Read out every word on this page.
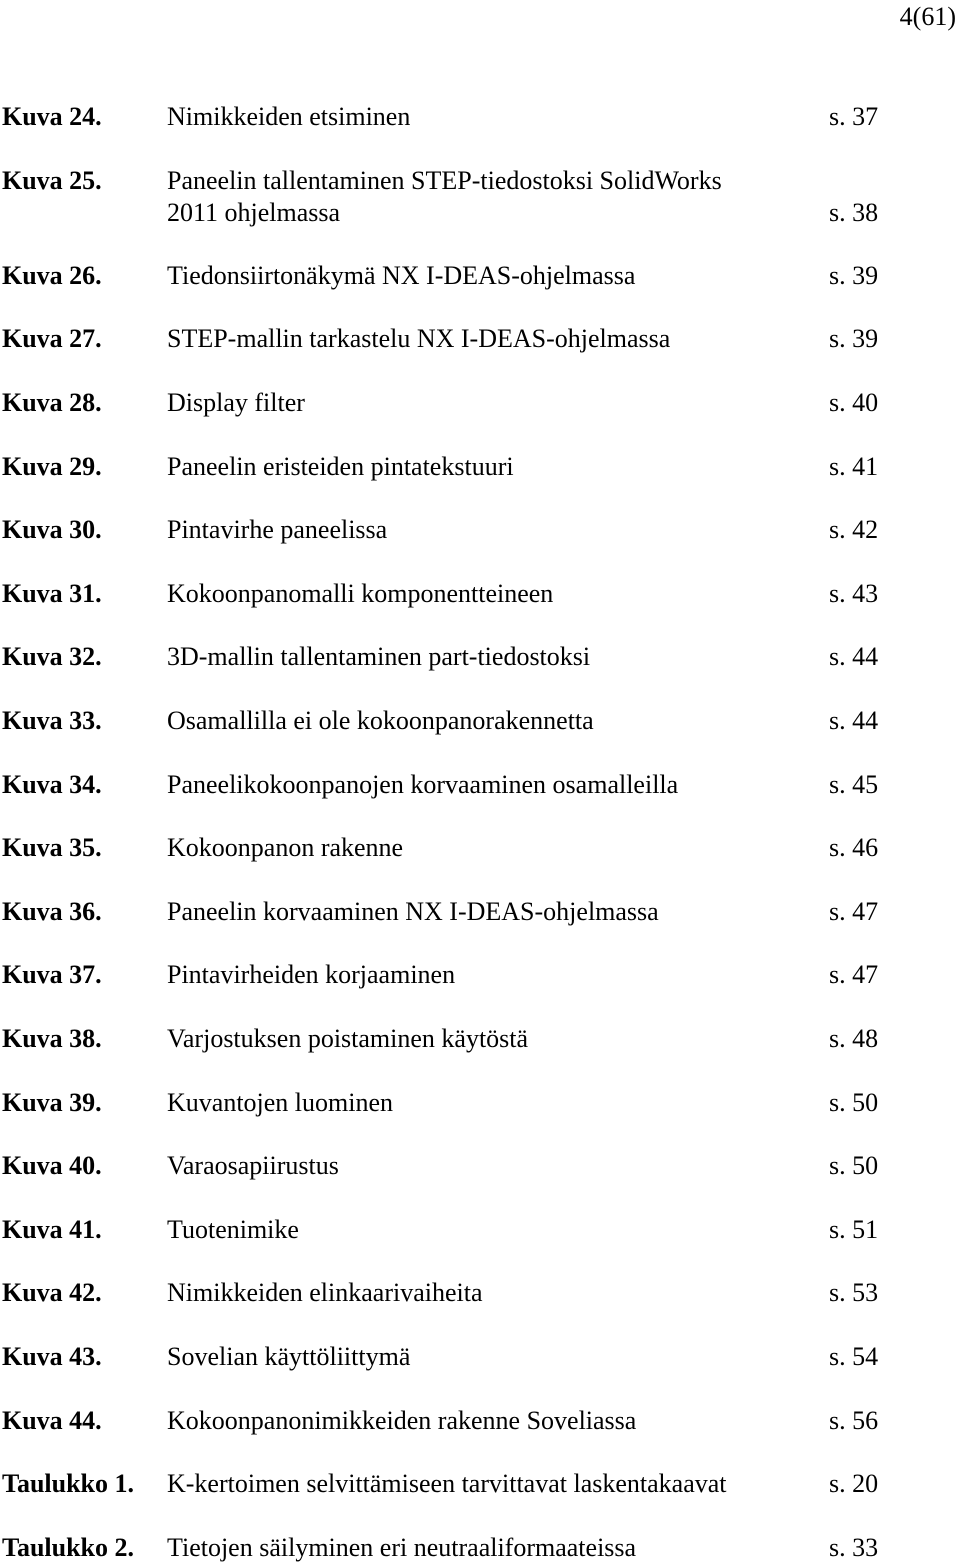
4(61)
Kuva 24.	Nimikkeiden etsiminen	s. 37
Kuva 25.	Paneelin tallentaminen STEP-tiedostoksi SolidWorks
2011 ohjelmassa	s. 38
Kuva 26.	Tiedonsiirtonäkymä NX I-DEAS-ohjelmassa	s. 39
Kuva 27.	STEP-mallin tarkastelu NX I-DEAS-ohjelmassa	s. 39
Kuva 28.	Display filter	s. 40
Kuva 29.	Paneelin eristeiden pintatekstuuri	s. 41
Kuva 30.	Pintavirhe paneelissa	s. 42
Kuva 31.	Kokoonpanomalli komponentteineen	s. 43
Kuva 32.	3D-mallin tallentaminen part-tiedostoksi	s. 44
Kuva 33.	Osamallilla ei ole kokoonpanorakennetta	s. 44
Kuva 34.	Paneelikokoonpanojen korvaaminen osamalleilla	s. 45
Kuva 35.	Kokoonpanon rakenne	s. 46
Kuva 36.	Paneelin korvaaminen NX I-DEAS-ohjelmassa	s. 47
Kuva 37.	Pintavirheiden korjaaminen	s. 47
Kuva 38.	Varjostuksen poistaminen käytöstä	s. 48
Kuva 39.	Kuvantojen luominen	s. 50
Kuva 40.	Varaosapiirustus	s. 50
Kuva 41.	Tuotenimike	s. 51
Kuva 42.	Nimikkeiden elinkaarivaiheita	s. 53
Kuva 43.	Sovelian käyttöliittymä	s. 54
Kuva 44.	Kokoonpanonimikkeiden rakenne Soveliassa	s. 56
Taulukko 1. K-kertoimen selvittämiseen tarvittavat laskentakaavat	s. 20
Taulukko 2. Tietojen säilyminen eri neutraaliformaateissa	s. 33
